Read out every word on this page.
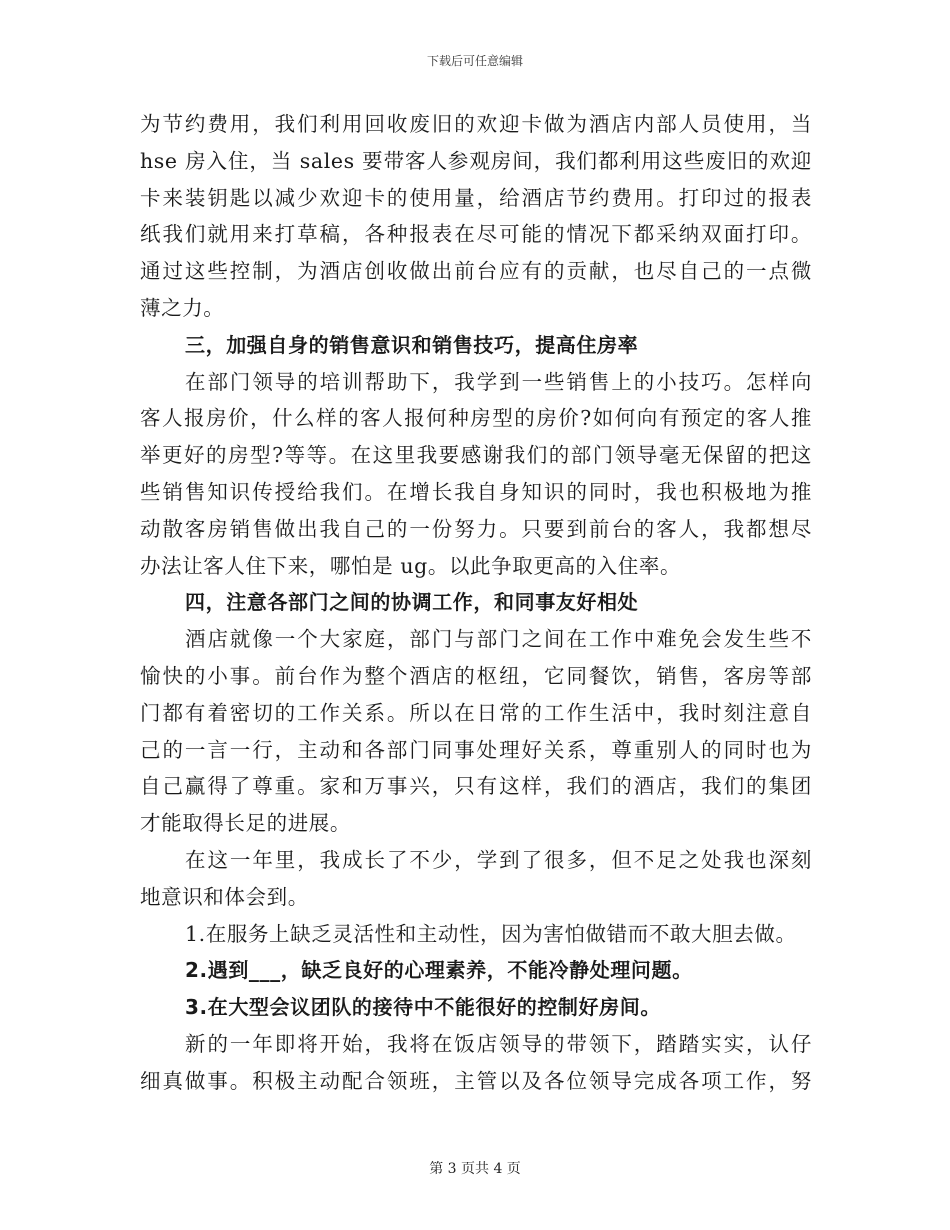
下载后可任意编辑
为节约费用，我们利用回收废旧的欢迎卡做为酒店内部人员使用，当
hse 房入住，当 sales 要带客人参观房间，我们都利用这些废旧的欢迎
卡来装钥匙以减少欢迎卡的使用量，给酒店节约费用。打印过的报表
纸我们就用来打草稿，各种报表在尽可能的情况下都采纳双面打印。
通过这些控制，为酒店创收做出前台应有的贡献，也尽自己的一点微
薄之力。
三，加强自身的销售意识和销售技巧，提高住房率
在部门领导的培训帮助下，我学到一些销售上的小技巧。怎样向
客人报房价，什么样的客人报何种房型的房价?如何向有预定的客人推
举更好的房型?等等。在这里我要感谢我们的部门领导毫无保留的把这
些销售知识传授给我们。在增长我自身知识的同时，我也积极地为推
动散客房销售做出我自己的一份努力。只要到前台的客人，我都想尽
办法让客人住下来，哪怕是 ug。以此争取更高的入住率。
四，注意各部门之间的协调工作，和同事友好相处
酒店就像一个大家庭，部门与部门之间在工作中难免会发生些不
愉快的小事。前台作为整个酒店的枢纽，它同餐饮，销售，客房等部
门都有着密切的工作关系。所以在日常的工作生活中，我时刻注意自
己的一言一行，主动和各部门同事处理好关系，尊重别人的同时也为
自己赢得了尊重。家和万事兴，只有这样，我们的酒店，我们的集团
才能取得长足的进展。
在这一年里，我成长了不少，学到了很多，但不足之处我也深刻
地意识和体会到。
1.在服务上缺乏灵活性和主动性，因为害怕做错而不敢大胆去做。
2.遇到___，缺乏良好的心理素养，不能冷静处理问题。
3.在大型会议团队的接待中不能很好的控制好房间。
新的一年即将开始，我将在饭店领导的带领下，踏踏实实，认仔
细真做事。积极主动配合领班，主管以及各位领导完成各项工作，努
第 3 页共 4 页
